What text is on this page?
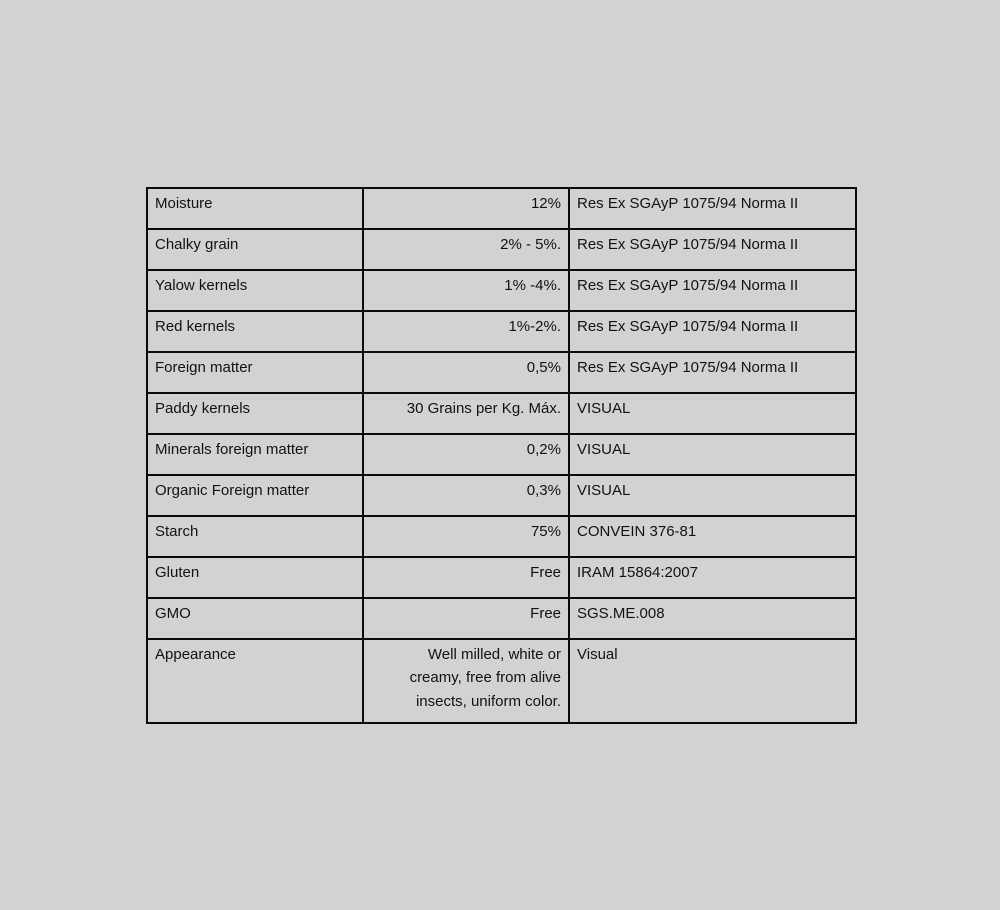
Moisture	12%	Res Ex SGAyP 1075/94 Norma II
Chalky grain	2% - 5%.	Res Ex SGAyP 1075/94 Norma II
Yalow kernels	1% -4%.	Res Ex SGAyP 1075/94 Norma II
Red kernels	1%-2%.	Res Ex SGAyP 1075/94 Norma II
Foreign matter	0,5%	Res Ex SGAyP 1075/94 Norma II
Paddy kernels	30 Grains per Kg. Máx.	VISUAL
Minerals foreign matter	0,2%	VISUAL
Organic Foreign matter	0,3%	VISUAL
Starch	75%	CONVEIN 376-81
Gluten	Free	IRAM 15864:2007
GMO	Free	SGS.ME.008
Appearance	Well milled, white or creamy, free from alive insects, uniform color.	Visual
